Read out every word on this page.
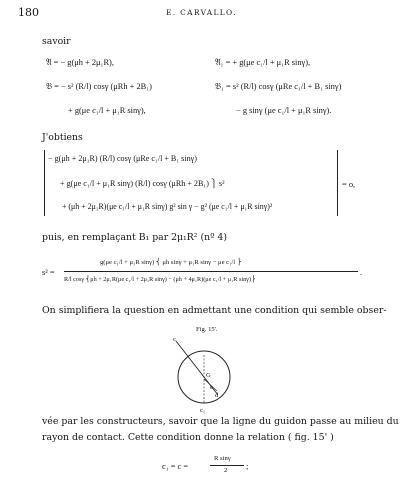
180	E. CARVALLO.
savoir
𝔄 = − g(μh + 2μ₁R),	𝔄₁ = + g(μe c₁/l + μ₁R sinγ),
𝔅 = − s² (R/l) cosγ (μRh + 2B₁)	𝔅₁ = s² (R/l) cosγ (μRe c₁/l + B₁ sinγ)
+ g(μe c₁/l + μ₁R sinγ),	− g sinγ (μe c₁/l + μ₁R sinγ).
J'obtiens
− g(μh + 2μ₁R) (R/l) cosγ (μRe c₁/l + B₁ sinγ)
+ g(μe c₁/l + μ₁R sinγ) (R/l) cosγ (μRh + 2B₁) ⎫ s²
+ (μh + 2μ₁R)(μe c₁/l + μ₁R sinγ) g² sin γ − g² (μe c₁/l + μ₁R sinγ)²
= o,
puis, en remplaçant B₁ par 2μ₁R² (nº 4)
s² =
g(μe c₁/l + μ₁R sinγ) ⎨ μh sinγ + μ₁R sinγ − μe c₁/l ⎬
R/l cosγ ⎨μh + 2μ₁R(μe c₁/l + 2μ₁R sinγ) − (μh + 4μ₁R)(μe c₁/l + μ₁R sinγ)⎬
.
On simplifiera la question en admettant une condition qui semble obser-
Fig. 15'.
c
G
c₁
d
e
vée par les constructeurs, savoir que la ligne du guidon passe au milieu du
rayon de contact. Cette condition donne la relation ( fig. 15' )
c₁ = c =
R sinγ
2 ;
